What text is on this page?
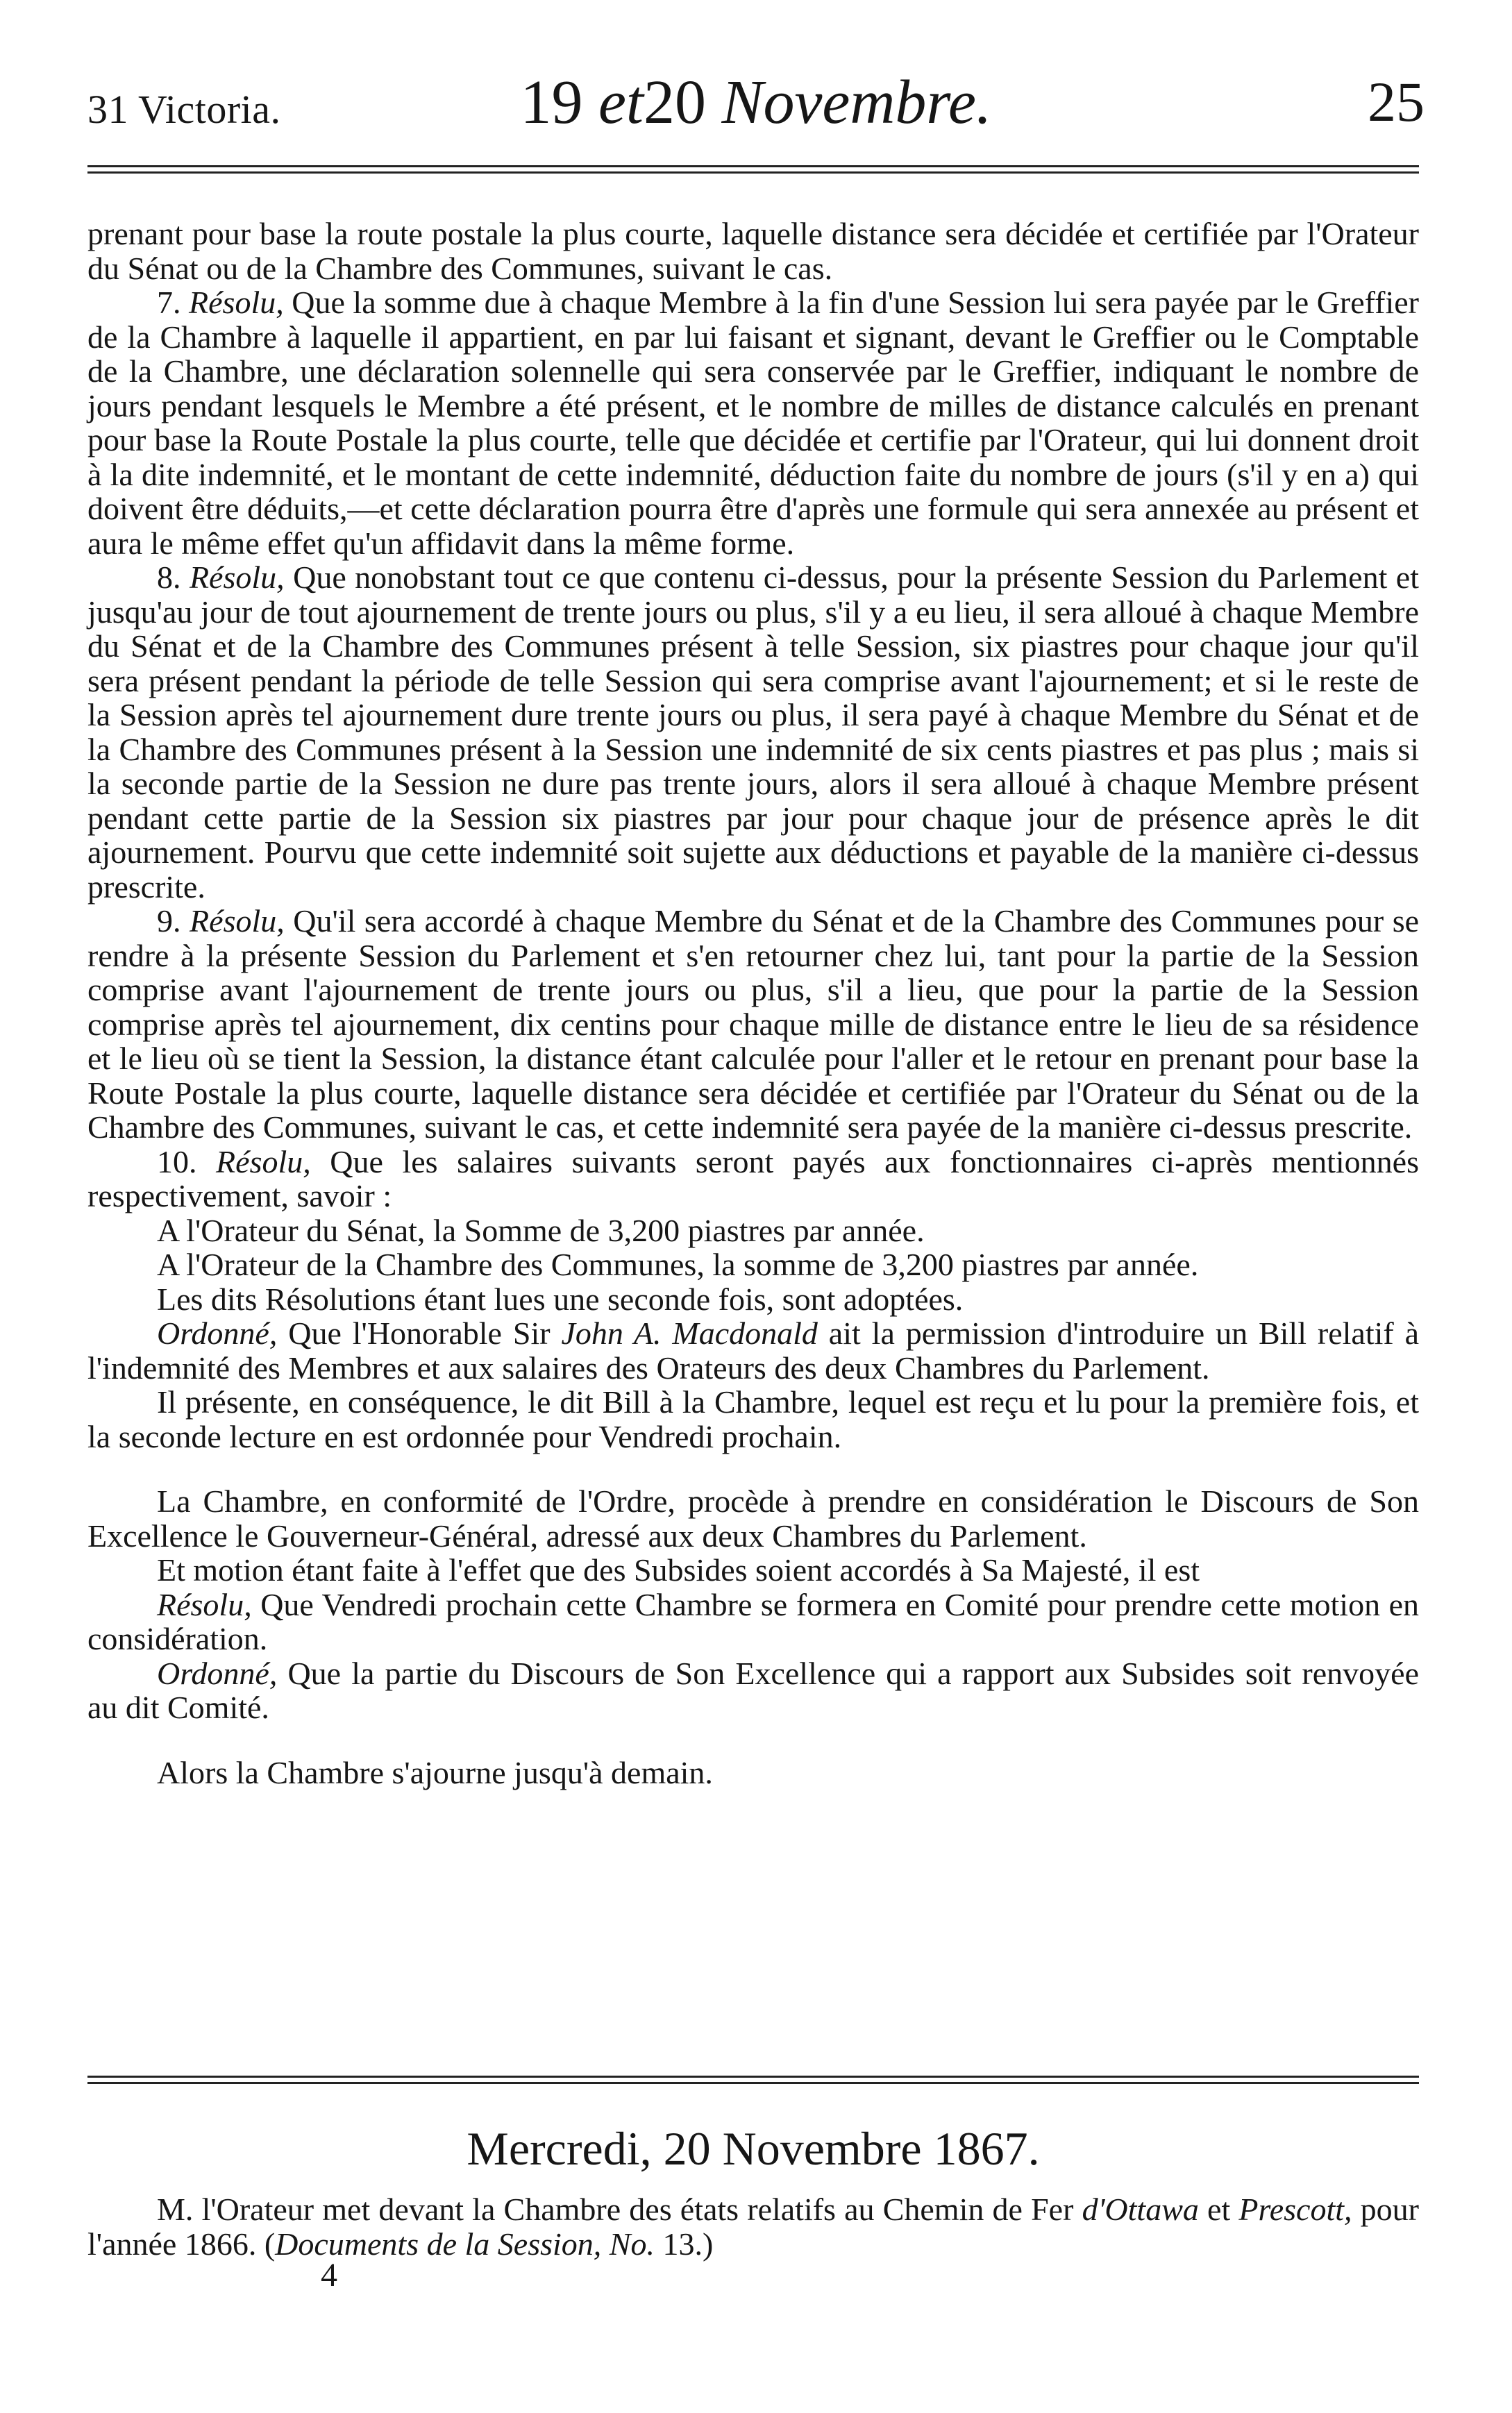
31 Victoria.	19 et20 Novembre.	25

prenant pour base la route postale la plus courte, laquelle distance sera décidée et certifiée par l'Orateur du Sénat ou de la Chambre des Communes, suivant le cas.

7. Résolu, Que la somme due à chaque Membre à la fin d'une Session lui sera payée par le Greffier de la Chambre à laquelle il appartient, en par lui faisant et signant, devant le Greffier ou le Comptable de la Chambre, une déclaration solennelle qui sera conservée par le Greffier, indiquant le nombre de jours pendant lesquels le Membre a été présent, et le nombre de milles de distance calculés en prenant pour base la Route Postale la plus courte, telle que décidée et certifie par l'Orateur, qui lui donnent droit à la dite indemnité, et le montant de cette indemnité, déduction faite du nombre de jours (s'il y en a) qui doivent être déduits,—et cette déclaration pourra être d'après une formule qui sera annexée au présent et aura le même effet qu'un affidavit dans la même forme.

8. Résolu, Que nonobstant tout ce que contenu ci-dessus, pour la présente Session du Parlement et jusqu'au jour de tout ajournement de trente jours ou plus, s'il y a eu lieu, il sera alloué à chaque Membre du Sénat et de la Chambre des Communes présent à telle Session, six piastres pour chaque jour qu'il sera présent pendant la période de telle Session qui sera comprise avant l'ajournement; et si le reste de la Session après tel ajournement dure trente jours ou plus, il sera payé à chaque Membre du Sénat et de la Chambre des Communes présent à la Session une indemnité de six cents piastres et pas plus ; mais si la seconde partie de la Session ne dure pas trente jours, alors il sera alloué à chaque Membre présent pendant cette partie de la Session six piastres par jour pour chaque jour de présence après le dit ajournement. Pourvu que cette indemnité soit sujette aux déductions et payable de la manière ci-dessus prescrite.

9. Résolu, Qu'il sera accordé à chaque Membre du Sénat et de la Chambre des Communes pour se rendre à la présente Session du Parlement et s'en retourner chez lui, tant pour la partie de la Session comprise avant l'ajournement de trente jours ou plus, s'il a lieu, que pour la partie de la Session comprise après tel ajournement, dix centins pour chaque mille de distance entre le lieu de sa résidence et le lieu où se tient la Session, la distance étant calculée pour l'aller et le retour en prenant pour base la Route Postale la plus courte, laquelle distance sera décidée et certifiée par l'Orateur du Sénat ou de la Chambre des Communes, suivant le cas, et cette indemnité sera payée de la manière ci-dessus prescrite.

10. Résolu, Que les salaires suivants seront payés aux fonctionnaires ci-après mentionnés respectivement, savoir :

A l'Orateur du Sénat, la Somme de 3,200 piastres par année.

A l'Orateur de la Chambre des Communes, la somme de 3,200 piastres par année.

Les dits Résolutions étant lues une seconde fois, sont adoptées.

Ordonné, Que l'Honorable Sir John A. Macdonald ait la permission d'introduire un Bill relatif à l'indemnité des Membres et aux salaires des Orateurs des deux Chambres du Parlement.

Il présente, en conséquence, le dit Bill à la Chambre, lequel est reçu et lu pour la première fois, et la seconde lecture en est ordonnée pour Vendredi prochain.

La Chambre, en conformité de l'Ordre, procède à prendre en considération le Discours de Son Excellence le Gouverneur-Général, adressé aux deux Chambres du Parlement.

Et motion étant faite à l'effet que des Subsides soient accordés à Sa Majesté, il est

Résolu, Que Vendredi prochain cette Chambre se formera en Comité pour prendre cette motion en considération.

Ordonné, Que la partie du Discours de Son Excellence qui a rapport aux Subsides soit renvoyée au dit Comité.

Alors la Chambre s'ajourne jusqu'à demain.

Mercredi, 20 Novembre 1867.

M. l'Orateur met devant la Chambre des états relatifs au Chemin de Fer d'Ottawa et Prescott, pour l'année 1866. (Documents de la Session, No. 13.)

4
